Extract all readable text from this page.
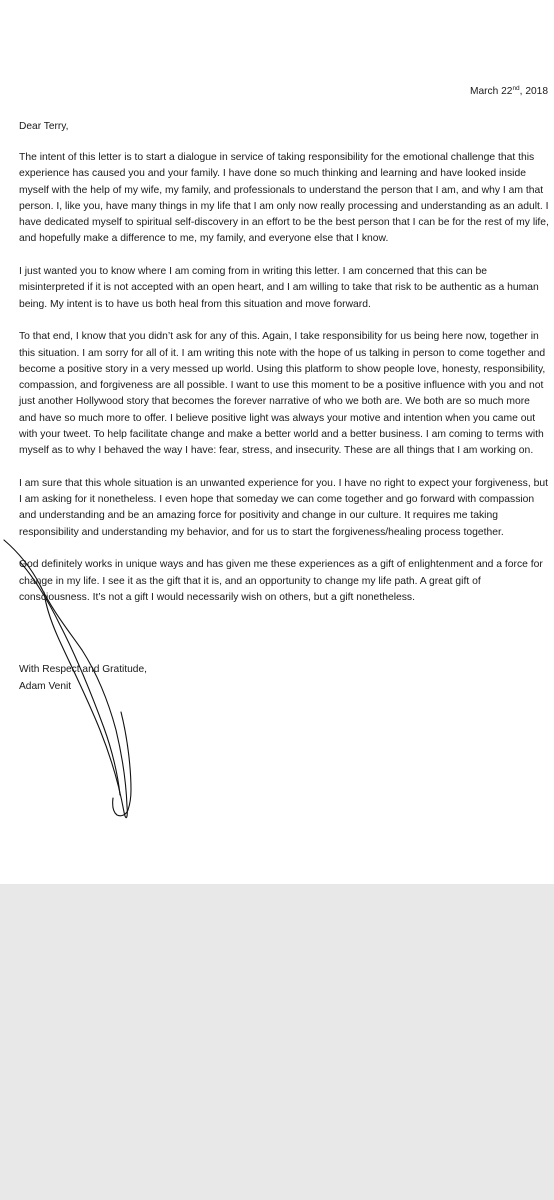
March 22nd, 2018
Dear Terry,

The intent of this letter is to start a dialogue in service of taking responsibility for the emotional challenge that this experience has caused you and your family. I have done so much thinking and learning and have looked inside myself with the help of my wife, my family, and professionals to understand the person that I am, and why I am that person. I, like you, have many things in my life that I am only now really processing and understanding as an adult. I have dedicated myself to spiritual self-discovery in an effort to be the best person that I can be for the rest of my life, and hopefully make a difference to me, my family, and everyone else that I know.

I just wanted you to know where I am coming from in writing this letter. I am concerned that this can be misinterpreted if it is not accepted with an open heart, and I am willing to take that risk to be authentic as a human being. My intent is to have us both heal from this situation and move forward.

To that end, I know that you didn’t ask for any of this. Again, I take responsibility for us being here now, together in this situation. I am sorry for all of it. I am writing this note with the hope of us talking in person to come together and become a positive story in a very messed up world. Using this platform to show people love, honesty, responsibility, compassion, and forgiveness are all possible. I want to use this moment to be a positive influence with you and not just another Hollywood story that becomes the forever narrative of who we both are. We both are so much more and have so much more to offer. I believe positive light was always your motive and intention when you came out with your tweet. To help facilitate change and make a better world and a better business. I am coming to terms with myself as to why I behaved the way I have: fear, stress, and insecurity. These are all things that I am working on.

I am sure that this whole situation is an unwanted experience for you. I have no right to expect your forgiveness, but I am asking for it nonetheless. I even hope that someday we can come together and go forward with compassion and understanding and be an amazing force for positivity and change in our culture. It requires me taking responsibility and understanding my behavior, and for us to start the forgiveness/healing process together.

God definitely works in unique ways and has given me these experiences as a gift of enlightenment and a force for change in my life. I see it as the gift that it is, and an opportunity to change my life path. A great gift of consciousness. It’s not a gift I would necessarily wish on others, but a gift nonetheless.

With Respect and Gratitude,
Adam Venit
